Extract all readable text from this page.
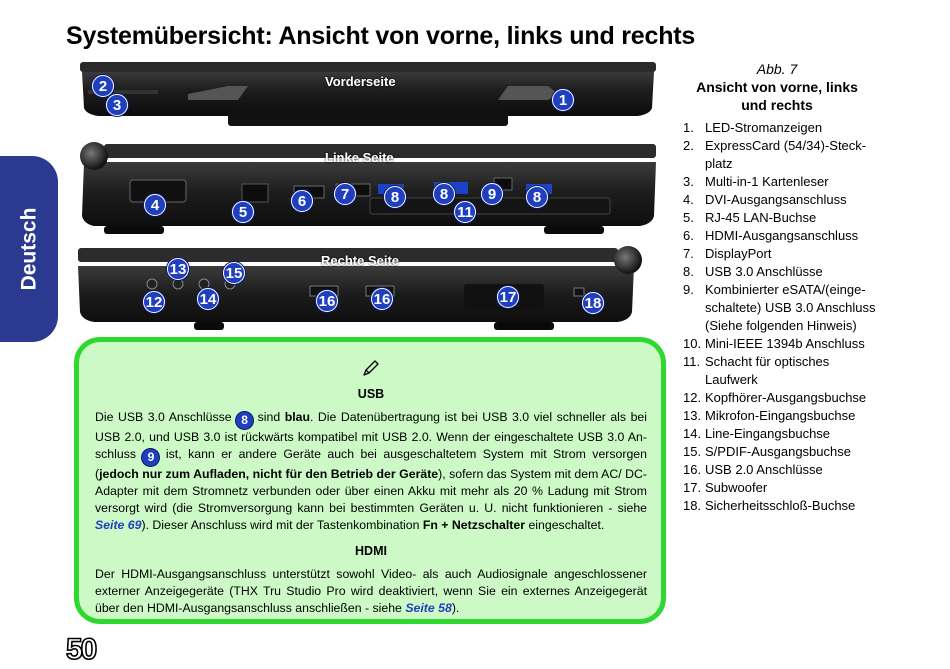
Systemübersicht: Ansicht von vorne, links und rechts
Deutsch
Vorderseite
2
3	1
Linke Seite
4	5
6	7	8	8	9	8
11
Rechte Seite
13	15
12 14	16	16	17	18
Abb. 7
Ansicht von vorne, links und rechts
1. LED-Stromanzeigen
2. ExpressCard (54/34)-Steck-platz
3. Multi-in-1 Kartenleser
4. DVI-Ausgangsanschluss
5. RJ-45 LAN-Buchse
6. HDMI-Ausgangsanschluss
7. DisplayPort
8. USB 3.0 Anschlüsse
9. Kombinierter eSATA/(einge-schaltete) USB 3.0 Anschluss (Siehe folgenden Hinweis)
10. Mini-IEEE 1394b Anschluss
11. Schacht für optisches Laufwerk
12. Kopfhörer-Ausgangsbuchse
13. Mikrofon-Eingangsbuchse
14. Line-Eingangsbuchse
15. S/PDIF-Ausgangsbuchse
16. USB 2.0 Anschlüsse
17. Subwoofer
18. Sicherheitsschloß-Buchse
USB

Die USB 3.0 Anschlüsse 8 sind blau. Die Datenübertragung ist bei USB 3.0 viel schneller als bei USB 2.0, und USB 3.0 ist rückwärts kompatibel mit USB 2.0. Wenn der eingeschaltete USB 3.0 An-schluss 9 ist, kann er andere Geräte auch bei ausgeschaltetem System mit Strom versorgen (jedoch nur zum Aufladen, nicht für den Betrieb der Geräte), sofern das System mit dem AC/ DC-Adapter mit dem Stromnetz verbunden oder über einen Akku mit mehr als 20 % Ladung mit Strom versorgt wird (die Stromversorgung kann bei bestimmten Geräten u. U. nicht funktionieren - siehe Seite 69). Dieser Anschluss wird mit der Tastenkombination Fn + Netzschalter eingeschaltet.

HDMI

Der HDMI-Ausgangsanschluss unterstützt sowohl Video- als auch Audiosignale angeschlossener externer Anzeigegeräte (THX Tru Studio Pro wird deaktiviert, wenn Sie ein externes Anzeigegerät über den HDMI-Ausgangsanschluss anschließen - siehe Seite 58).

50
